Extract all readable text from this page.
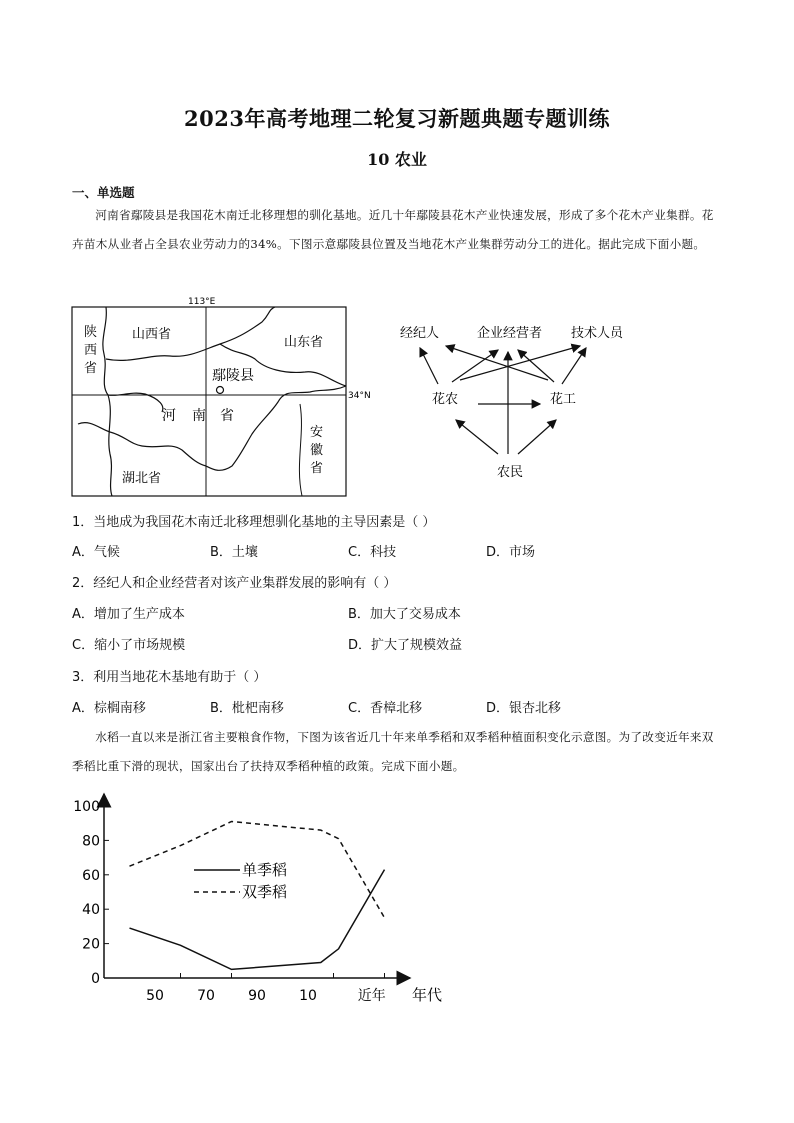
2023年高考地理二轮复习新题典题专题训练
10 农业
一、单选题
河南省鄢陵县是我国花木南迁北移理想的驯化基地。近几十年鄢陵县花木产业快速发展，形成了多个花木产业集群。花卉苗木从业者占全县农业劳动力的34%。下图示意鄢陵县位置及当地花木产业集群劳动分工的进化。据此完成下面小题。
113°E
34°N
陕
西
省
山西省
山东省
鄢陵县
河 南 省
安
徽
省
湖北省
经纪人	企业经营者 技术人员
花农	花工
农民
1．当地成为我国花木南迁北移理想驯化基地的主导因素是（ ）
A．气候	B．土壤	C．科技	D．市场
2．经纪人和企业经营者对该产业集群发展的影响有（ ）
A．增加了生产成本	B．加大了交易成本
C．缩小了市场规模	D．扩大了规模效益
3．利用当地花木基地有助于（ ）
A．棕榈南移	B．枇杷南移	C．香樟北移	D．银杏北移
水稻一直以来是浙江省主要粮食作物，下图为该省近几十年来单季稻和双季稻种植面积变化示意图。为了改变近年来双季稻比重下滑的现状，国家出台了扶持双季稻种植的政策。完成下面小题。
0
20
40
60
80
100
50 70 90 10	近年 年代
单季稻
双季稻
